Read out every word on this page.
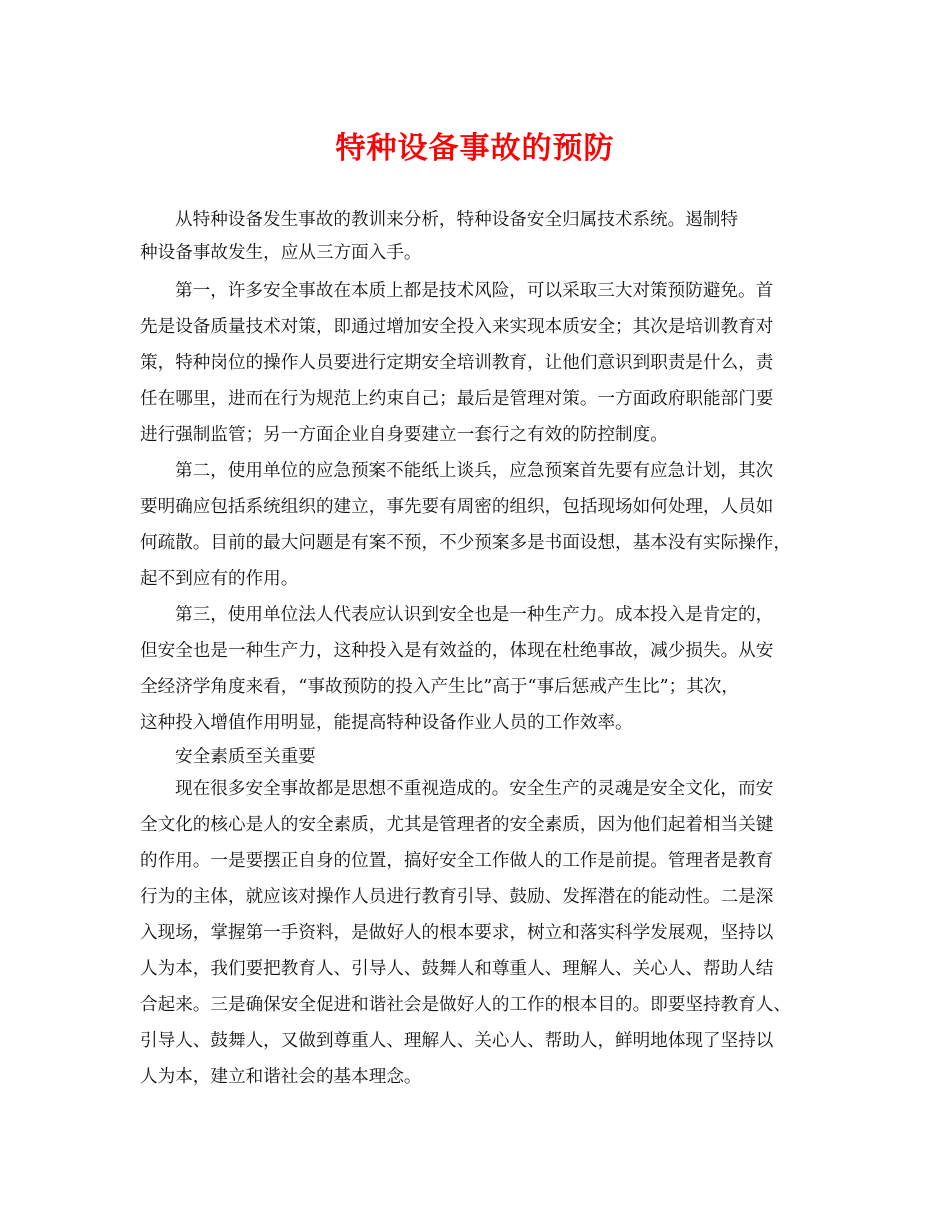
特种设备事故的预防

从特种设备发生事故的教训来分析，特种设备安全归属技术系统。遏制特

种设备事故发生，应从三方面入手。

第一，许多安全事故在本质上都是技术风险，可以采取三大对策预防避免。首

先是设备质量技术对策，即通过增加安全投入来实现本质安全；其次是培训教育对

策，特种岗位的操作人员要进行定期安全培训教育，让他们意识到职责是什么，责

任在哪里，进而在行为规范上约束自己；最后是管理对策。一方面政府职能部门要

进行强制监管；另一方面企业自身要建立一套行之有效的防控制度。

第二，使用单位的应急预案不能纸上谈兵，应急预案首先要有应急计划，其次

要明确应包括系统组织的建立，事先要有周密的组织，包括现场如何处理，人员如

何疏散。目前的最大问题是有案不预，不少预案多是书面设想，基本没有实际操作，

起不到应有的作用。

第三，使用单位法人代表应认识到安全也是一种生产力。成本投入是肯定的，

但安全也是一种生产力，这种投入是有效益的，体现在杜绝事故，减少损失。从安

全经济学角度来看，“事故预防的投入产生比”高于“事后惩戒产生比”；其次，

这种投入增值作用明显，能提高特种设备作业人员的工作效率。

安全素质至关重要

现在很多安全事故都是思想不重视造成的。安全生产的灵魂是安全文化，而安

全文化的核心是人的安全素质，尤其是管理者的安全素质，因为他们起着相当关键

的作用。一是要摆正自身的位置，搞好安全工作做人的工作是前提。管理者是教育

行为的主体，就应该对操作人员进行教育引导、鼓励、发挥潜在的能动性。二是深

入现场，掌握第一手资料，是做好人的根本要求，树立和落实科学发展观，坚持以

人为本，我们要把教育人、引导人、鼓舞人和尊重人、理解人、关心人、帮助人结

合起来。三是确保安全促进和谐社会是做好人的工作的根本目的。即要坚持教育人、

引导人、鼓舞人，又做到尊重人、理解人、关心人、帮助人，鲜明地体现了坚持以

人为本，建立和谐社会的基本理念。
